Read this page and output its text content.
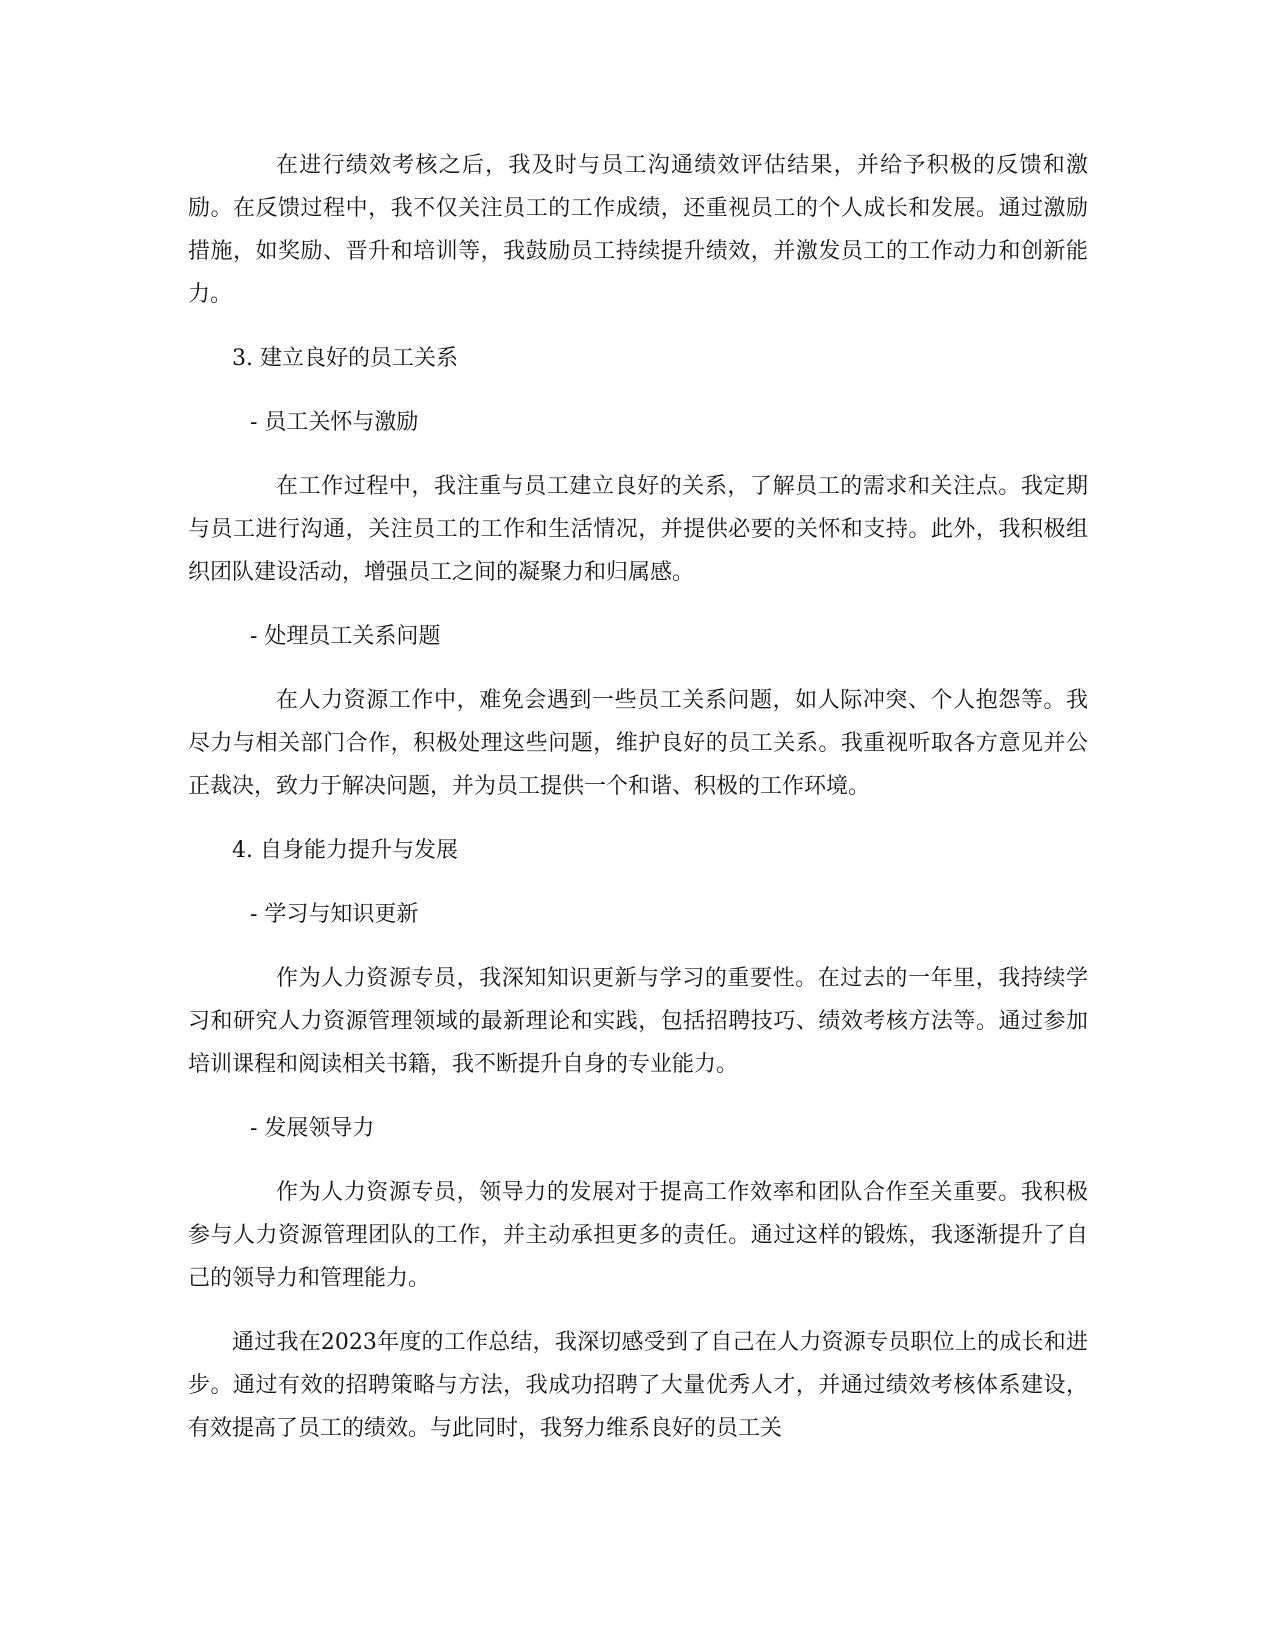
在进行绩效考核之后，我及时与员工沟通绩效评估结果，并给予积极的反馈和激励。在反馈过程中，我不仅关注员工的工作成绩，还重视员工的个人成长和发展。通过激励措施，如奖励、晋升和培训等，我鼓励员工持续提升绩效，并激发员工的工作动力和创新能力。

3. 建立良好的员工关系

- 员工关怀与激励

在工作过程中，我注重与员工建立良好的关系，了解员工的需求和关注点。我定期与员工进行沟通，关注员工的工作和生活情况，并提供必要的关怀和支持。此外，我积极组织团队建设活动，增强员工之间的凝聚力和归属感。

- 处理员工关系问题

在人力资源工作中，难免会遇到一些员工关系问题，如人际冲突、个人抱怨等。我尽力与相关部门合作，积极处理这些问题，维护良好的员工关系。我重视听取各方意见并公正裁决，致力于解决问题，并为员工提供一个和谐、积极的工作环境。

4. 自身能力提升与发展

- 学习与知识更新

作为人力资源专员，我深知知识更新与学习的重要性。在过去的一年里，我持续学习和研究人力资源管理领域的最新理论和实践，包括招聘技巧、绩效考核方法等。通过参加培训课程和阅读相关书籍，我不断提升自身的专业能力。

- 发展领导力

作为人力资源专员，领导力的发展对于提高工作效率和团队合作至关重要。我积极参与人力资源管理团队的工作，并主动承担更多的责任。通过这样的锻炼，我逐渐提升了自己的领导力和管理能力。

通过我在2023年度的工作总结，我深切感受到了自己在人力资源专员职位上的成长和进步。通过有效的招聘策略与方法，我成功招聘了大量优秀人才，并通过绩效考核体系建设，有效提高了员工的绩效。与此同时，我努力维系良好的员工关
